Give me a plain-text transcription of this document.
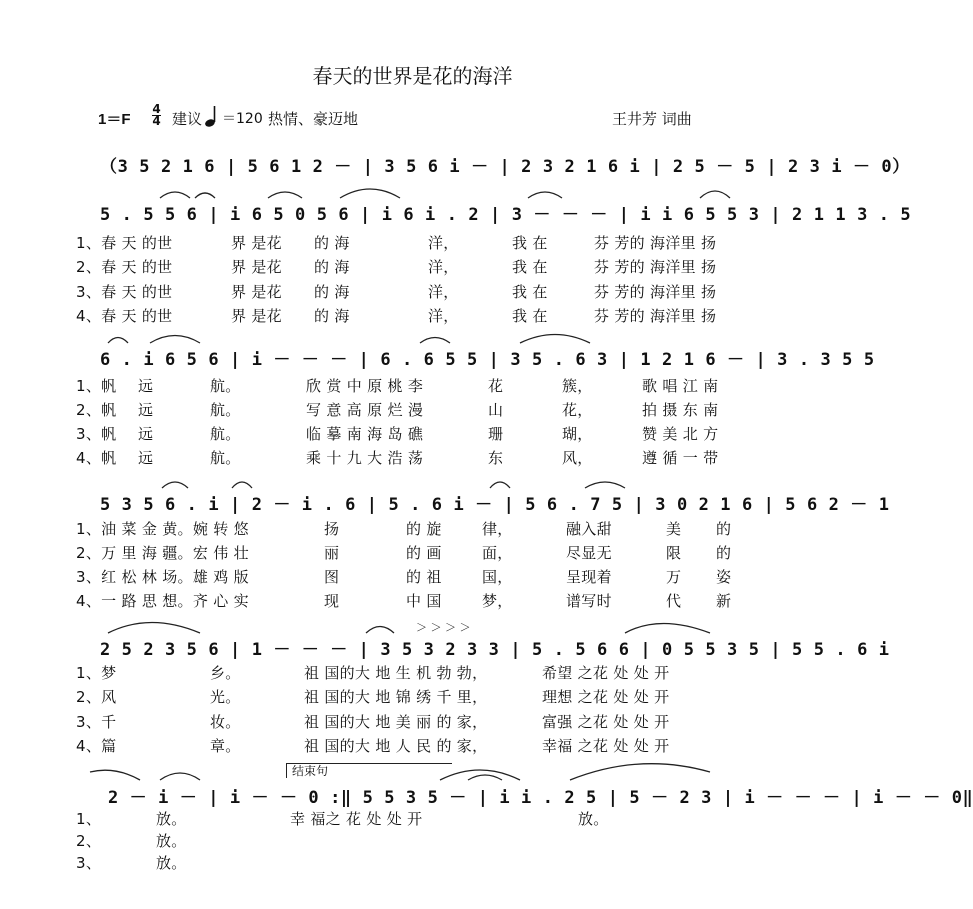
春天的世界是花的海洋
1＝F
4
4 建议 ＝120 热情、豪迈地	王井芳 词曲
（3 5 2 1 6 | 5 6 1 2 － | 3 5 6 i － | 2 3 2 1 6 i | 2 5 － 5 | 2 3 i － 0）
5 . 5 5 6 | i 6 5 0 5 6 | i 6 i . 2 | 3 － － － | i i 6 5 5 3 | 2 1 1 3 . 5
6 . i 6 5 6 | i － － － | 6 . 6 5 5 | 3 5 . 6 3 | 1 2 1 6 － | 3 . 3 5 5
5 3 5 6 . i | 2 － i . 6 | 5 . 6 i － | 5 6 . 7 5 | 3 0 2 1 6 | 5 6 2 － 1
＞ ＞ ＞ ＞
2 5 2 3 5 6 | 1 － － － | 3 5 3 2 3 3 | 5 . 5 6 6 | 0 5 5 3 5 | 5 5 . 6 i
2 － i － | i － － 0 :‖ 5 5 3 5 － | i i . 2 5 | 5 － 2 3 | i － － － | i － － 0‖
结束句
1、春 天 的世	界 是花 的 海	洋，	我 在	芬 芳的 海洋里 扬
2、春 天 的世	界 是花 的 海	洋，	我 在	芬 芳的 海洋里 扬
3、春 天 的世	界 是花 的 海	洋，	我 在	芬 芳的 海洋里 扬
4、春 天 的世	界 是花 的 海	洋，	我 在	芬 芳的 海洋里 扬
1、帆 远	航。	欣 赏 中 原 桃 李	花	簇，	歌 唱 江 南
2、帆 远	航。	写 意 高 原 烂 漫	山	花，	拍 摄 东 南
3、帆 远	航。	临 摹 南 海 岛 礁	珊	瑚，	赞 美 北 方
4、帆 远	航。	乘 十 九 大 浩 荡	东	风，	遵 循 一 带
1、油 菜 金 黄。婉 转 悠	扬	的 旋	律，	融入甜	美 的
2、万 里 海 疆。宏 伟 壮	丽	的 画	面，	尽显无	限 的
3、红 松 林 场。雄 鸡 版	图	的 祖	国，	呈现着	万 姿
4、一 路 思 想。齐 心 实	现	中 国	梦，	谱写时	代 新
1、梦	乡。	祖 国的大 地 生 机 勃 勃，	希望 之花 处 处 开
2、风	光。	祖 国的大 地 锦 绣 千 里，	理想 之花 处 处 开
3、千	妆。	祖 国的大 地 美 丽 的 家，	富强 之花 处 处 开
4、篇	章。	祖 国的大 地 人 民 的 家，	幸福 之花 处 处 开
1、	放。	幸 福之 花 处 处 开	放。
2、	放。
3、	放。
